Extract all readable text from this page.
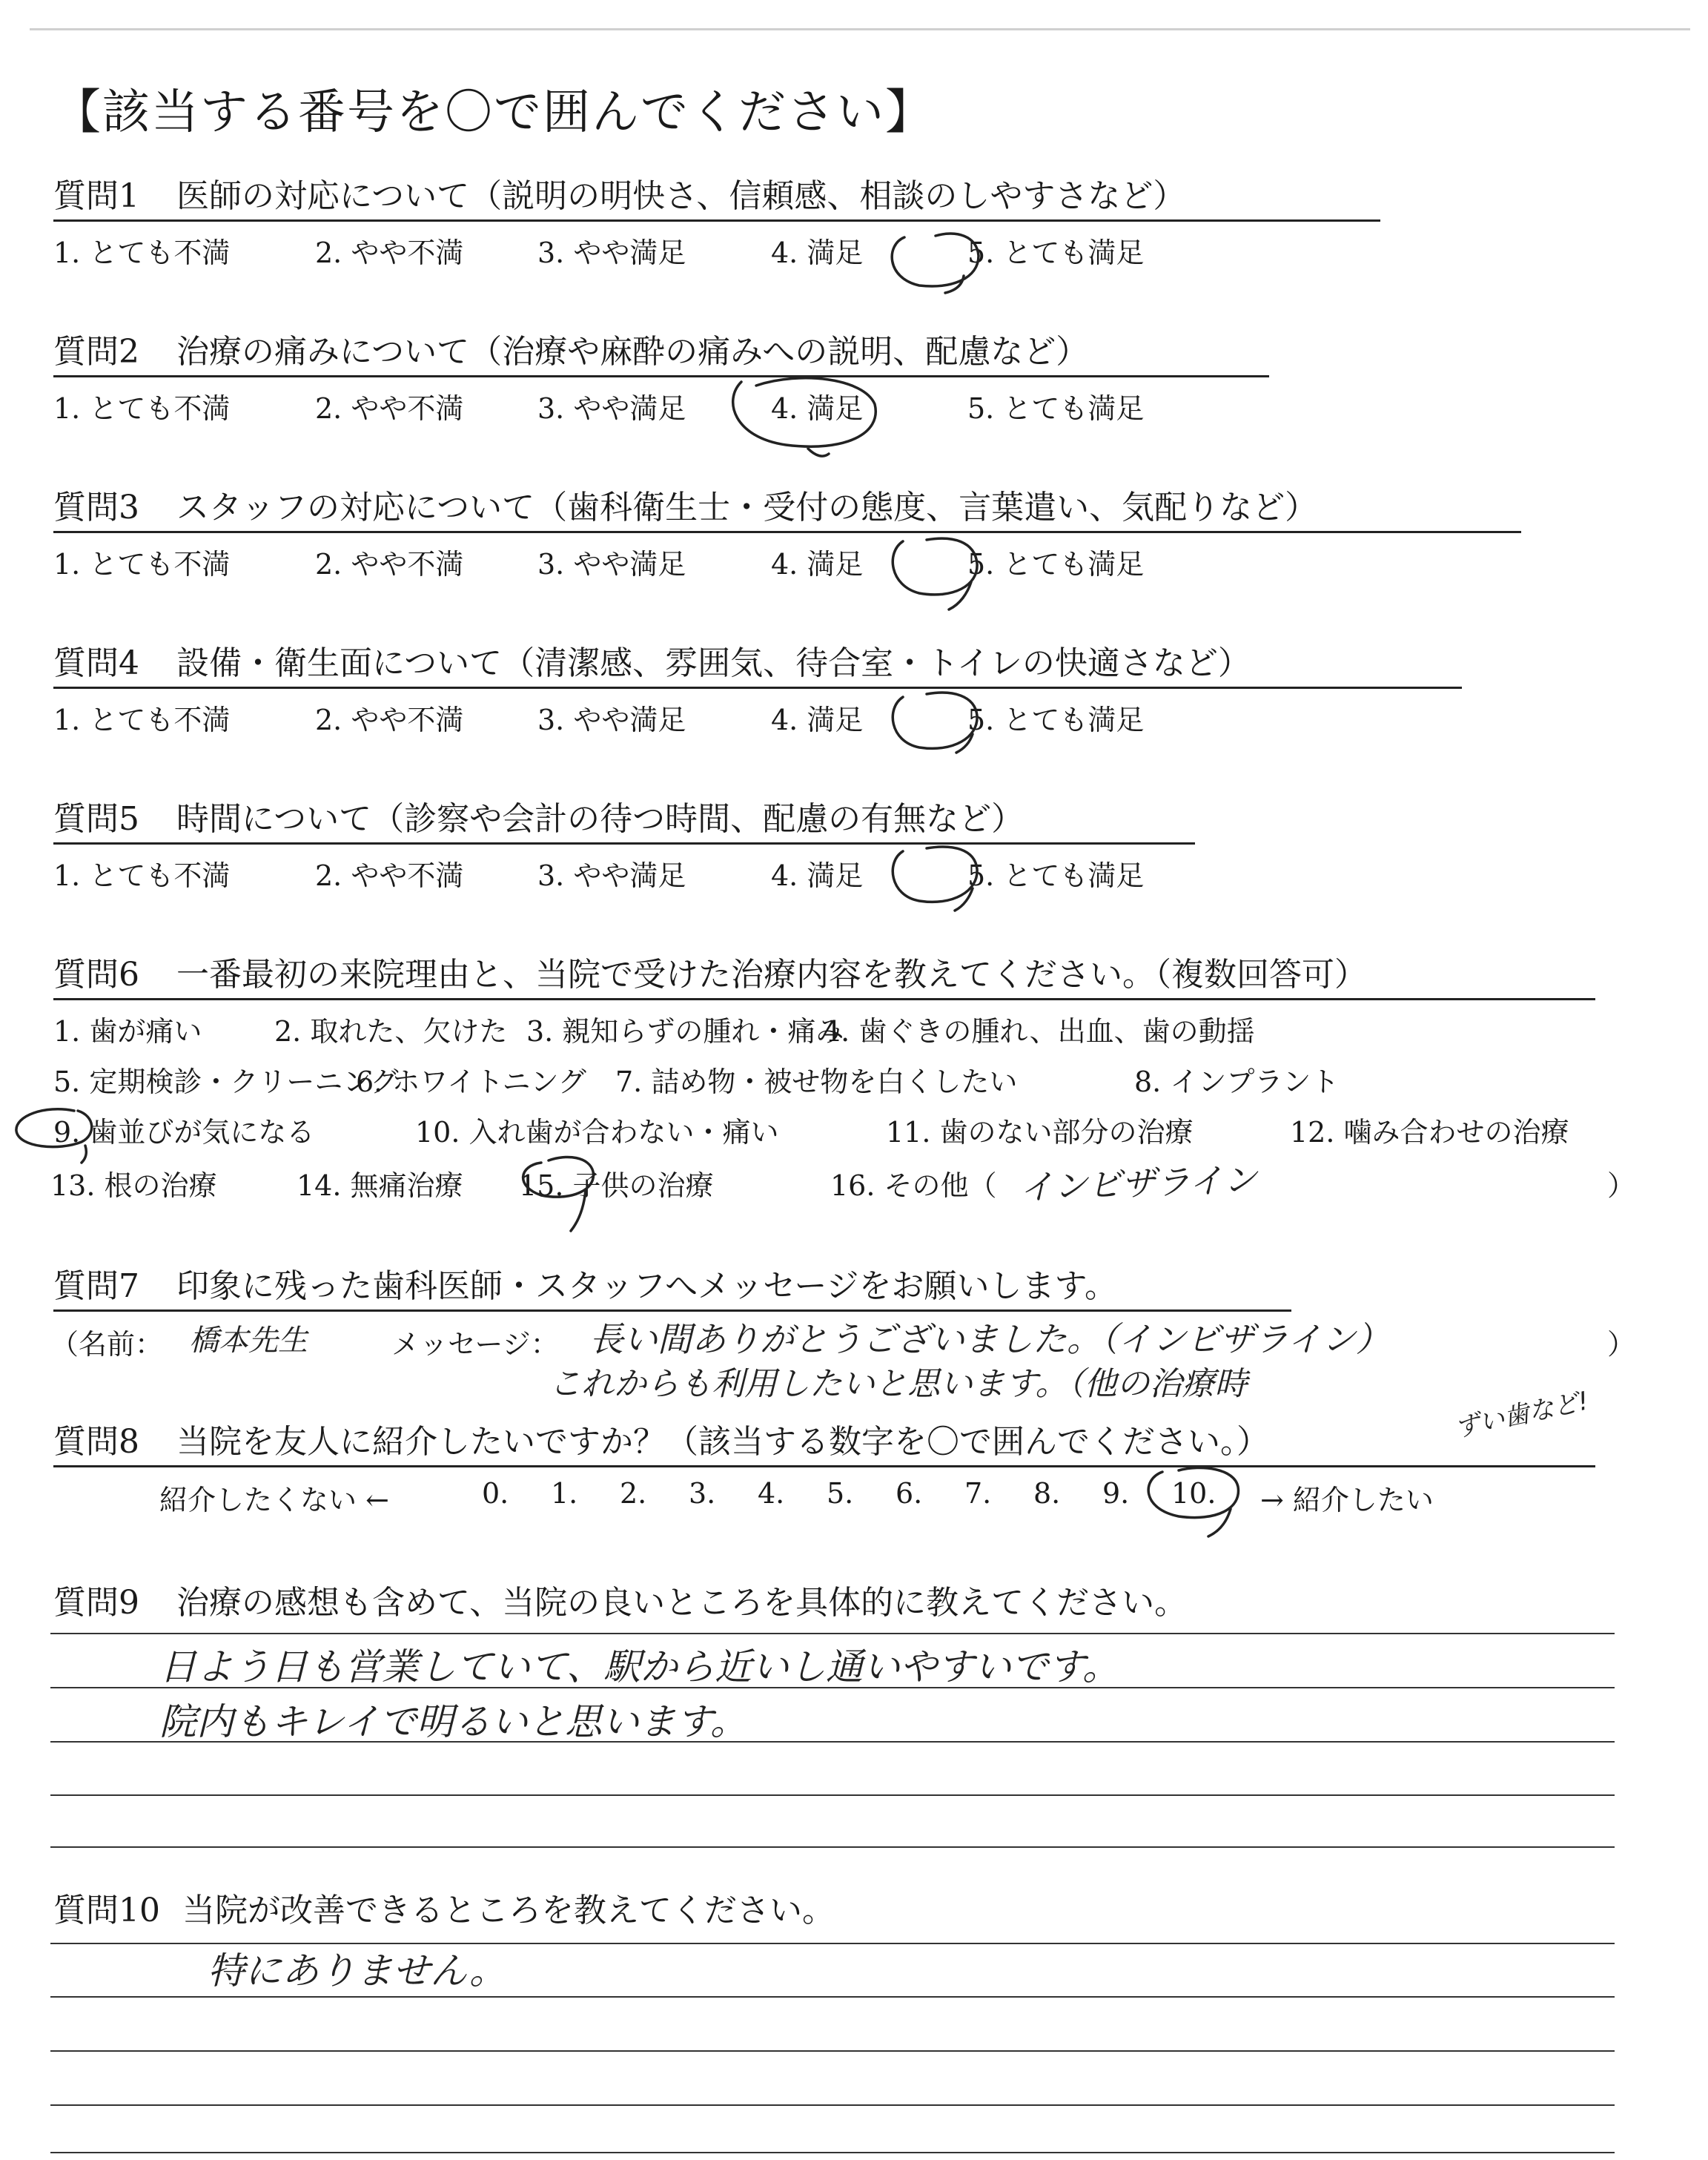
【該当する番号を〇で囲んでください】
質問1 医師の対応について（説明の明快さ、信頼感、相談のしやすさなど）
1. とても不満	2. やや不満	3. やや満足	4. 満足	5. とても満足
質問2 治療の痛みについて（治療や麻酔の痛みへの説明、配慮など）
1. とても不満	2. やや不満	3. やや満足	4. 満足	5. とても満足
質問3 スタッフの対応について（歯科衛生士・受付の態度、言葉遣い、気配りなど）
1. とても不満	2. やや不満	3. やや満足	4. 満足	5. とても満足
質問4 設備・衛生面について（清潔感、雰囲気、待合室・トイレの快適さなど）
1. とても不満	2. やや不満	3. やや満足	4. 満足	5. とても満足
質問5 時間について（診察や会計の待つ時間、配慮の有無など）
1. とても不満	2. やや不満	3. やや満足	4. 満足	5. とても満足
質問6 一番最初の来院理由と、当院で受けた治療内容を教えてください。（複数回答可）
1. 歯が痛い	2. 取れた、欠けた 3. 親知らずの腫れ・痛み
4. 歯ぐきの腫れ、出血、歯の動揺
5. 定期検診・クリーニング
6. ホワイトニング 7. 詰め物・被せ物を白くしたい	8. インプラント
9. 歯並びが気になる	10. 入れ歯が合わない・痛い	11. 歯のない部分の治療	12. 噛み合わせの治療
13. 根の治療	14. 無痛治療 15. 子供の治療	16. その他（	）
インビザライン
質問7 印象に残った歯科医師・スタッフへメッセージをお願いします。
（名前： 橋本先生	メッセージ：	）
長い間ありがとうございました。（インビザライン）
これからも利用したいと思います。（他の治療時
ずい歯など!
質問8 当院を友人に紹介したいですか？（該当する数字を〇で囲んでください。）
紹介したくない ←	0. 1. 2. 3. 4. 5. 6. 7. 8. 9. 10. → 紹介したい
質問9 治療の感想も含めて、当院の良いところを具体的に教えてください。
日よう日も営業していて、駅から近いし通いやすいです。
院内もキレイで明るいと思います。
質問10 当院が改善できるところを教えてください。
特にありません。
